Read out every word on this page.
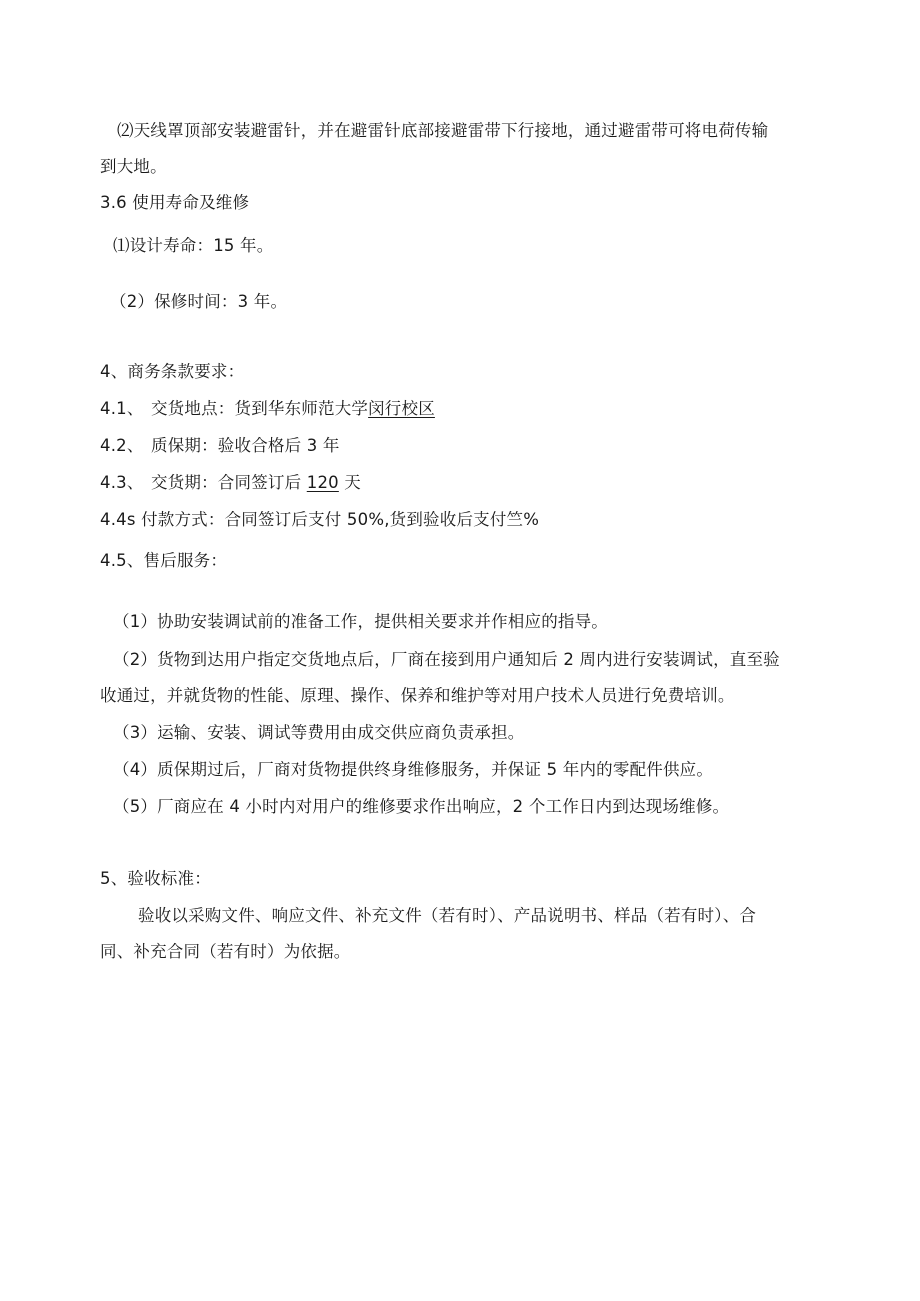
⑵天线罩顶部安装避雷针，并在避雷针底部接避雷带下行接地，通过避雷带可将电荷传输
到大地。
3.6 使用寿命及维修
⑴设计寿命：15 年。
（2）保修时间：3 年。
4、商务条款要求：
4.1、 交货地点：货到华东师范大学闵行校区
4.2、 质保期：验收合格后 3 年
4.3、 交货期：合同签订后 120 天
4.4s 付款方式：合同签订后支付 50%,货到验收后支付竺%
4.5、售后服务：
（1）协助安装调试前的准备工作，提供相关要求并作相应的指导。
（2）货物到达用户指定交货地点后，厂商在接到用户通知后 2 周内进行安装调试，直至验
收通过，并就货物的性能、原理、操作、保养和维护等对用户技术人员进行免费培训。
（3）运输、安装、调试等费用由成交供应商负责承担。
（4）质保期过后，厂商对货物提供终身维修服务，并保证 5 年内的零配件供应。
（5）厂商应在 4 小时内对用户的维修要求作出响应，2 个工作日内到达现场维修。
5、验收标准：
验收以采购文件、响应文件、补充文件（若有时）、产品说明书、样品（若有时）、合
同、补充合同（若有时）为依据。
